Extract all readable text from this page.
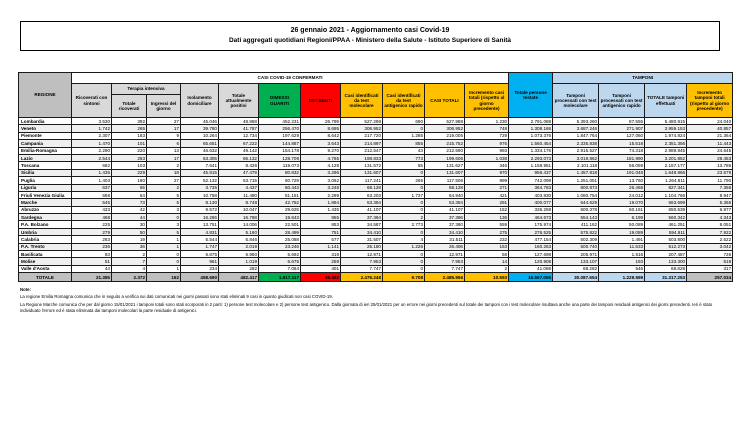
26 gennaio 2021 - Aggiornamento casi Covid-19
Dati aggregati quotidiani Regioni/PPAA - Ministero della Salute - Istituto Superiore di Sanità
REGIONE	CASI COVID-19 CONFERMATI											Totale persone testate	TAMPONI			
	Ricoverati con sintomi	Terapia intensiva		Isolamento domiciliare	Totale attualmente positivi	DIMESSI GUARITI	DECEDUTI	Casi identificati da test molecolare	Casi identificati da test antigenico rapido	CASI TOTALI	Incremento casi totali (rispetto al giorno precedente)		Tamponi processati con test molecolare	Tamponi processati con test antigenico rapido	TOTALE tamponi effettuati	Incremento tamponi totali (rispetto al giorno precedente)
		Totale ricoverati	Ingressi del giorno													
Lombardia	3.530	392	27	45.046	48.968	452.231	26.789	527.298	690	527.988	1.230	2.791.088	5.393.260	87.555	5.480.815	24.040
Veneto	1.742	265	17	39.780	41.787	256.470	8.695	306.952	0	306.952	748	1.308.166	3.687.246	271.907	3.959.153	40.857
Piemonte	2.307	163	9	10.264	12.734	197.629	8.642	217.720	1.285	219.005	729	1.073.376	1.847.764	127.060	1.974.824	21.364
Campania	1.470	101	6	65.651	67.222	144.887	3.643	214.897	855	215.752	976	1.560.454	2.335.838	15.518	2.351.356	11.443
Emilia-Romagna	2.290	220	13	46.632	49.142	154.178	9.270	212.547	43	212.590	993	1.334.176	2.915.527	74.318	2.989.845	24.645
Lazio	2.544	283	17	63.305	66.132	128.709	4.765	198.833	773	199.606	1.038	2.293.073	3.019.862	181.990	3.201.852	29.453
Toscana	682	103	2	7.641	8.426	119.073	4.128	131.572	55	131.627	346	1.158.951	2.101.118	56.059	2.157.177	13.786
Sicilia	1.435	229	18	45.815	47.479	80.832	3.296	131.607	0	131.607	970	956.437	1.457.818	191.048	1.648.866	23.579
Puglia	1.403	180	27	52.132	53.715	60.729	3.062	117.241	265	117.506	999	742.099	1.251.051	13.760	1.264.811	11.790
Liguria	637	65	2	3.735	4.437	60.443	3.248	68.128	0	68.128	271	364.783	800.873	26.468	827.341	7.356
Friuli Venezia Giulia	668	64	5	10.758	11.490	51.151	2.299	63.203	1.737	64.940	421	403.830	1.080.754	24.012	1.104.766	8.947
Marche	545	73	5	8.130	8.748	42.752	1.894	53.394	0	53.394	291	400.077	644.629	19.070	663.699	5.365
Abruzzo	433	42	3	9.572	10.047	29.625	1.435	41.107	0	41.107	152	336.268	600.378	50.161	650.539	6.977
Sardegna	468	44	0	16.286	16.798	19.643	955	37.394	2	37.396	136	464.673	554.143	6.199	560.342	4.343
P.A. Bolzano	225	30	3	13.751	14.006	22.501	853	34.587	2.773	37.360	559	175.974	411.162	50.089	461.251	8.051
Umbria	279	50	5	4.831	5.160	28.499	751	34.410	0	34.410	275	276.525	575.822	19.089	594.911	7.922
Calabria	283	19	1	5.544	5.846	25.088	577	31.507	4	31.511	232	477.154	502.309	1.491	503.800	2.522
P.A. Trento	236	36	1	1.747	2.019	23.246	1.141	25.180	1.226	26.406	153	160.263	500.740	11.533	512.273	3.042
Basilicata	83	2	0	6.875	6.960	5.692	319	12.971	0	12.971	58	127.698	205.971	1.516	207.487	726
Molise	51	7	0	961	1.019	6.675	259	7.953	0	7.953	14	120.908	133.107	193	133.300	518
Valle d'Aosta	44	4	1	234	282	7.064	401	7.747	0	7.747	2	41.086	68.282	546	68.828	317
TOTALE	21.355	2.372	162	458.690	482.417	1.917.117	86.422	2.476.248	9.708	2.485.956	10.593	16.567.056	30.087.654	1.229.599	31.317.253	257.034

Note:

La regione Emilia Romagna comunica che in seguito a verifica sui dati comunicati nei giorni passati sono stati eliminati 9 casi in quanto giudicati non casi COVID-19.

La Regione Marche comunica che per dal giorno 15/01/2021 i tamponi totali sono stati scorporati in 2 parti: 1) persone test molecolare e 2) persone test antigenico. Dalla giornata di ieri 25/01/2021 per un errore nei giorni precedenti sul totale dei tamponi con i test molecolare risultava anche una parte dei tamponi residuali antigenici dei giorni precedenti. Ieri è stato individuato l'errore ed è stata eliminata dai tamponi molecolari la parte residuale di antigenici.
